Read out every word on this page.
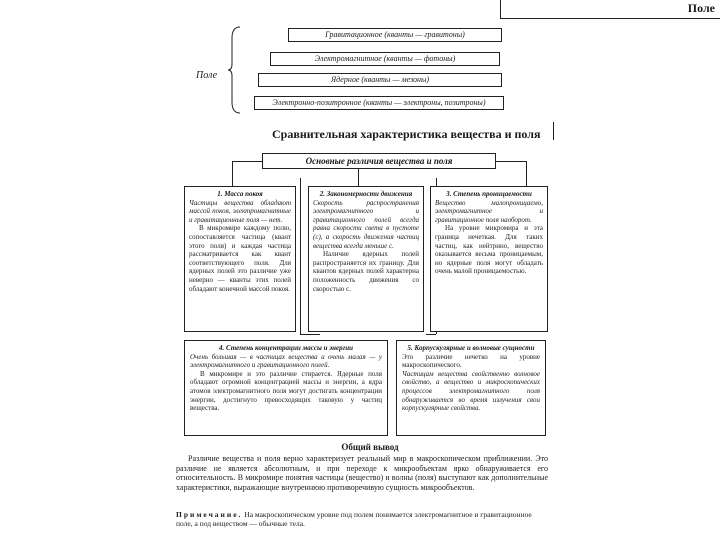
Поле
Поле
Гравитационное (кванты — гравитоны)
Электромагнитное (кванты — фотоны)
Ядерное (кванты — мезоны)
Электронно-позитронное (кванты — электроны, позитроны)
Сравнительная характеристика вещества и поля
Основные различия вещества и поля

1. Масса покоя

Частицы вещества обладают массой покоя, электромагнитные и гравитационные поля — нет.

В микромире каждому полю, сопоставляется частица (квант этого поля) и каждая частица рассматривается как квант соответствующего поля. Для ядерных полей это различие уже неверно — кванты этих полей обладают конечной массой покоя.

2. Закономерности движения

Скорость распространения электромагнитного и гравитационного полей всегда равна скорости света в пустоте (с), а скорость движения частиц вещества всегда меньше с.

Наличие ядерных полей распространяется их границу. Для квантов ядерных полей характерна положенность движения со скоростью с.

3. Степень проницаемости

Вещество малопроницаемо, электромагнитное и гравитационное поля наоборот.

На уровне микромира и эта граница нечеткая. Для таких частиц, как нейтрино, вещество оказывается весьма проницаемым, но ядерные поля могут обладать очень малой проницаемостью.

4. Степень концентрации массы и энергии

Очень большая — в частицах вещества и очень малая — у электромагнитного и гравитационного полей.

В микромире и это различие стирается. Ядерные поля обладают огромной концентрацией массы и энергии, а ядра атомов электромагнитного поля могут достигать концентрации энергии, достигнуто превосходящих таковую у частиц вещества.

5. Корпускулярные и волновые сущности

Это различие нечетко на уровне макроскопического.

Частицам вещества свойственно волновое свойство, а вещество и микроскопических процессов электромагнитного поля обнаруживается во время излучения свои корпускулярные свойства.

Общий вывод
Различие вещества и поля верно характеризует реальный мир в макроскопическом приближении. Это различие не является абсолютным, и при переходе к микрообъектам ярко обнаруживается его относительность. В микромире понятия частицы (вещество) и волны (поля) выступают как дополнительные характеристики, выражающие внутреннюю противоречивую сущность микрообъектов.
Примечание. На макроскопическом уровне под полем понимается электромагнитное и гравитационное поле, а под веществом — обычные тела.
